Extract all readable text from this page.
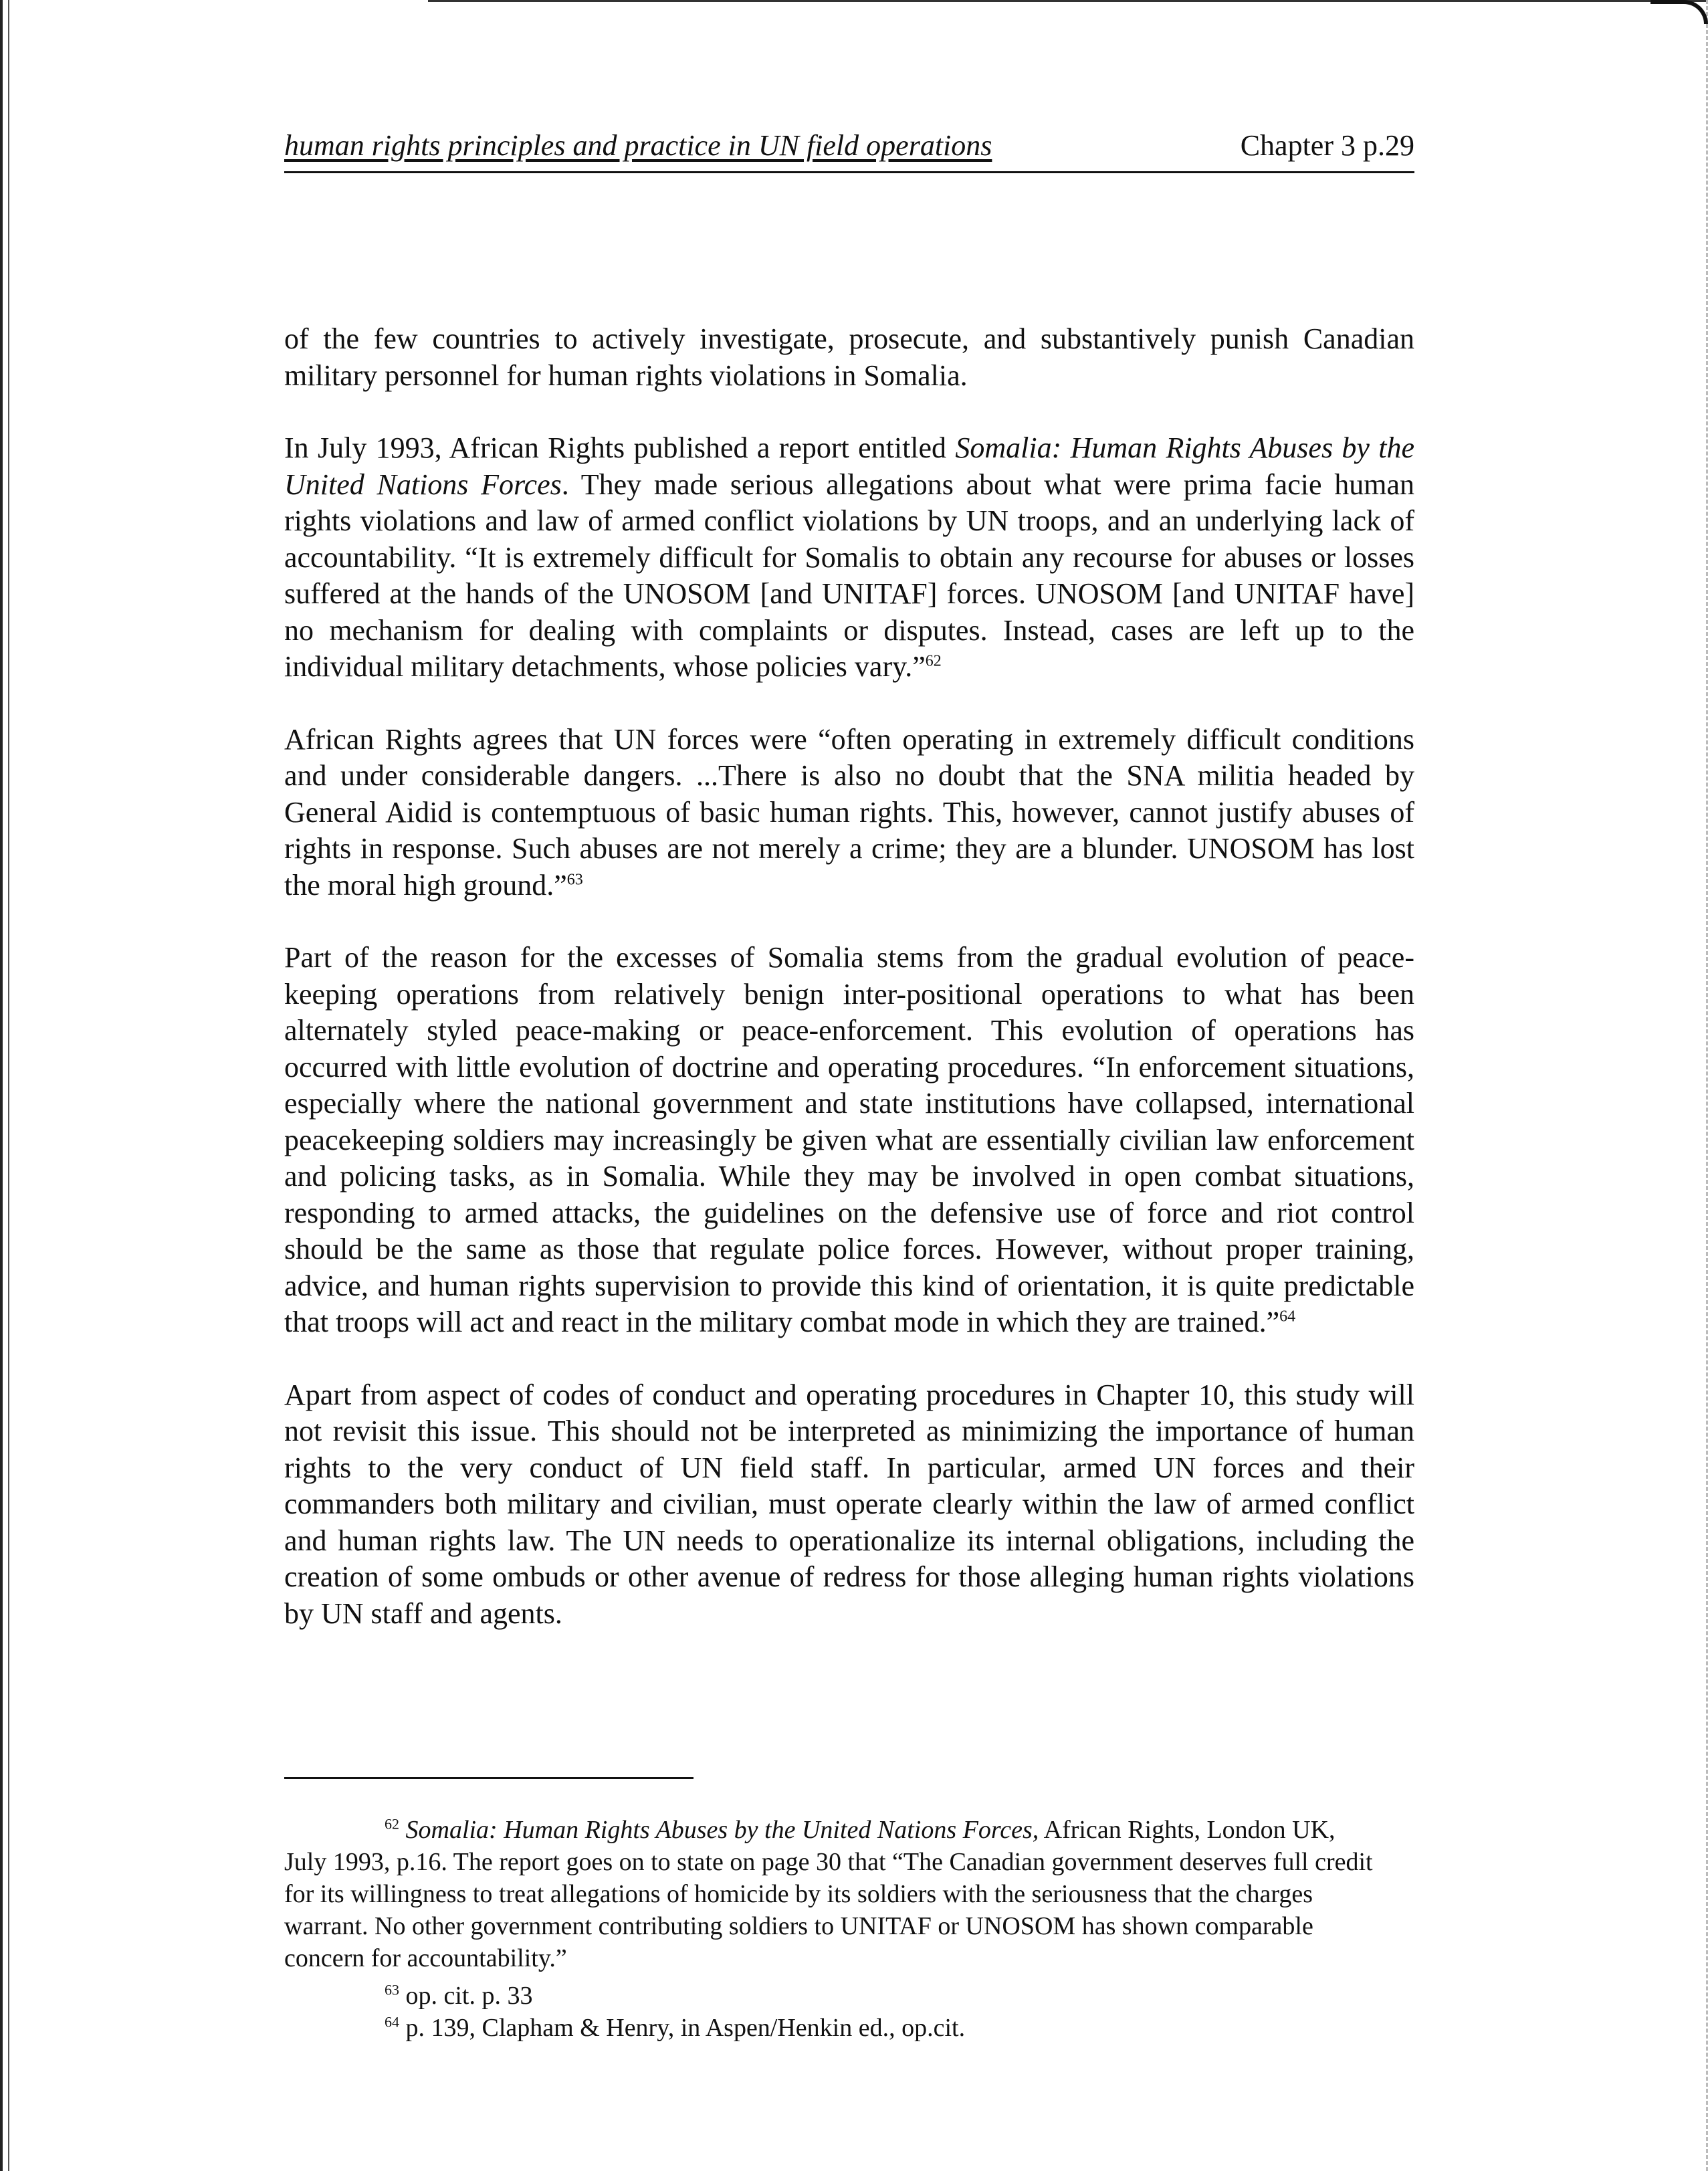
human rights principles and practice in UN field operations	Chapter 3 p.29

of the few countries to actively investigate, prosecute, and substantively punish Canadian military personnel for human rights violations in Somalia.

In July 1993, African Rights published a report entitled Somalia: Human Rights Abuses by the United Nations Forces. They made serious allegations about what were prima facie human rights violations and law of armed conflict violations by UN troops, and an underlying lack of accountability. “It is extremely difficult for Somalis to obtain any recourse for abuses or losses suffered at the hands of the UNOSOM [and UNITAF] forces. UNOSOM [and UNITAF have] no mechanism for dealing with complaints or disputes. Instead, cases are left up to the individual military detachments, whose policies vary.”$^{62}$

African Rights agrees that UN forces were “often operating in extremely difficult conditions and under considerable dangers. ...There is also no doubt that the SNA militia headed by General Aidid is contemptuous of basic human rights. This, however, cannot justify abuses of rights in response. Such abuses are not merely a crime; they are a blunder. UNOSOM has lost the moral high ground.”$^{63}$

Part of the reason for the excesses of Somalia stems from the gradual evolution of peace-keeping operations from relatively benign inter-positional operations to what has been alternately styled peace-making or peace-enforcement. This evolution of operations has occurred with little evolution of doctrine and operating procedures. “In enforcement situations, especially where the national government and state institutions have collapsed, international peacekeeping soldiers may increasingly be given what are essentially civilian law enforcement and policing tasks, as in Somalia. While they may be involved in open combat situations, responding to armed attacks, the guidelines on the defensive use of force and riot control should be the same as those that regulate police forces. However, without proper training, advice, and human rights supervision to provide this kind of orientation, it is quite predictable that troops will act and react in the military combat mode in which they are trained.”$^{64}$

Apart from aspect of codes of conduct and operating procedures in Chapter 10, this study will not revisit this issue. This should not be interpreted as minimizing the importance of human rights to the very conduct of UN field staff. In particular, armed UN forces and their commanders both military and civilian, must operate clearly within the law of armed conflict and human rights law. The UN needs to operationalize its internal obligations, including the creation of some ombuds or other avenue of redress for those alleging human rights violations by UN staff and agents.

$^{62}$ Somalia: Human Rights Abuses by the United Nations Forces, African Rights, London UK, July 1993, p.16. The report goes on to state on page 30 that “The Canadian government deserves full credit for its willingness to treat allegations of homicide by its soldiers with the seriousness that the charges warrant. No other government contributing soldiers to UNITAF or UNOSOM has shown comparable concern for accountability.”

$^{63}$ op. cit. p. 33

$^{64}$ p. 139, Clapham & Henry, in Aspen/Henkin ed., op.cit.
